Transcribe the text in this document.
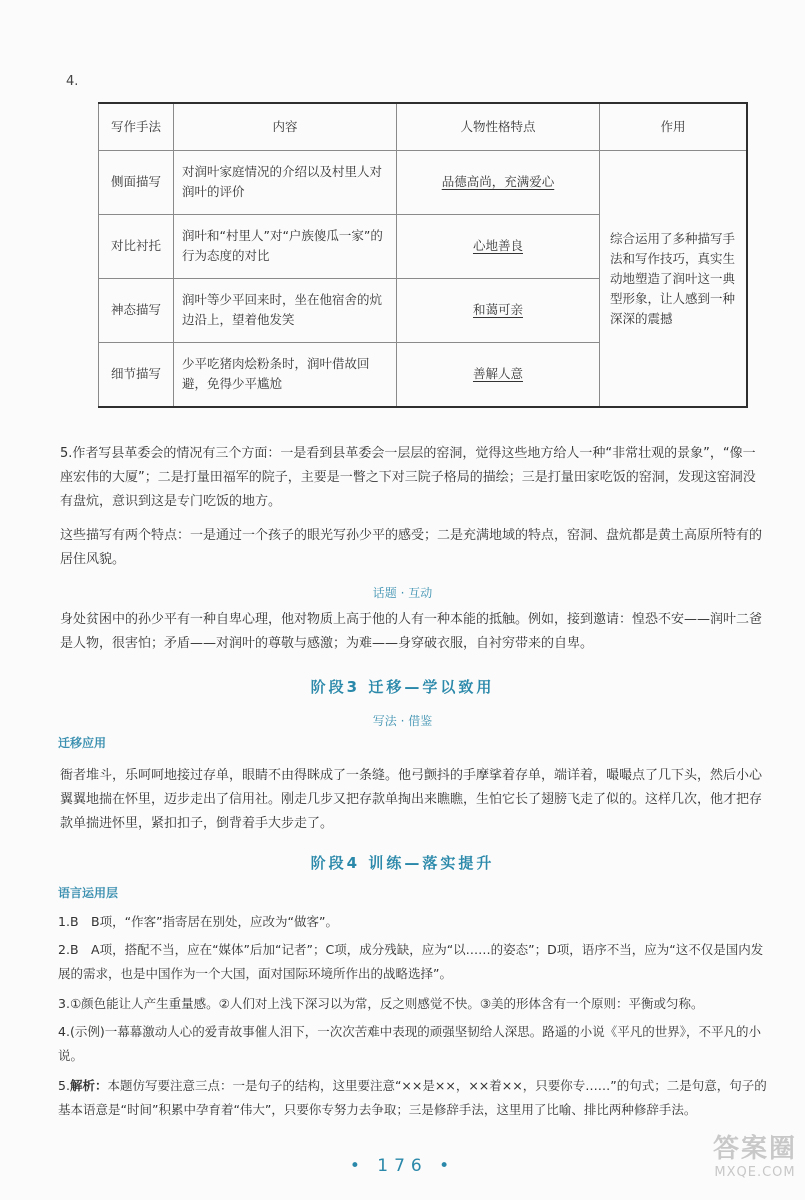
4.
写作手法	内容	人物性格特点	作用
侧面描写	对润叶家庭情况的介绍以及村里人对润叶的评价	品德高尚，充满爱心	综合运用了多种描写手法和写作技巧，真实生动地塑造了润叶这一典型形象，让人感到一种深深的震撼
对比衬托	润叶和“村里人”对“户族傻瓜一家”的行为态度的对比	心地善良	
神态描写	润叶等少平回来时，坐在他宿舍的炕边沿上，望着他发笑	和蔼可亲	
细节描写	少平吃猪肉烩粉条时，润叶借故回避，免得少平尴尬	善解人意	
5.作者写县革委会的情况有三个方面：一是看到县革委会一层层的窑洞，觉得这些地方给人一种“非常壮观的景象”，“像一座宏伟的大厦”；二是打量田福军的院子，主要是一瞥之下对三院子格局的描绘；三是打量田家吃饭的窑洞，发现这窑洞没有盘炕，意识到这是专门吃饭的地方。
这些描写有两个特点：一是通过一个孩子的眼光写孙少平的感受；二是充满地域的特点，窑洞、盘炕都是黄土高原所特有的居住风貌。
话题 · 互动
身处贫困中的孙少平有一种自卑心理，他对物质上高于他的人有一种本能的抵触。例如，接到邀请：惶恐不安——润叶二爸是人物，很害怕；矛盾——对润叶的尊敬与感激；为难——身穿破衣服，自衬穷带来的自卑。
阶段3 迁移—学以致用
写法 · 借鉴
迁移应用
衙者堆斗，乐呵呵地接过存单，眼睛不由得眯成了一条缝。他弓颤抖的手摩挲着存单，端详着，嘬嘬点了几下头，然后小心翼翼地揣在怀里，迈步走出了信用社。刚走几步又把存款单掏出来瞧瞧，生怕它长了翅膀飞走了似的。这样几次，他才把存款单揣进怀里，紧扣扣子，倒背着手大步走了。
阶段4 训练—落实提升
语言运用层
1.B　B项，“作客”指寄居在别处，应改为“做客”。
2.B　A项，搭配不当，应在“媒体”后加“记者”；C项，成分残缺，应为“以……的姿态”；D项，语序不当，应为“这不仅是国内发展的需求，也是中国作为一个大国，面对国际环境所作出的战略选择”。
3.①颜色能让人产生重量感。②人们对上浅下深习以为常，反之则感觉不快。③美的形体含有一个原则：平衡或匀称。
4.(示例)一幕幕激动人心的爱青故事催人泪下，一次次苦难中表现的顽强坚韧给人深思。路遥的小说《平凡的世界》，不平凡的小说。
5.解析：本题仿写要注意三点：一是句子的结构，这里要注意“××是××，××着××，只要你专……”的句式；二是句意，句子的基本语意是“时间”积累中孕育着“伟大”，只要你专努力去争取；三是修辞手法，这里用了比喻、排比两种修辞手法。
• 176 •
答案圈
MXQE.COM
